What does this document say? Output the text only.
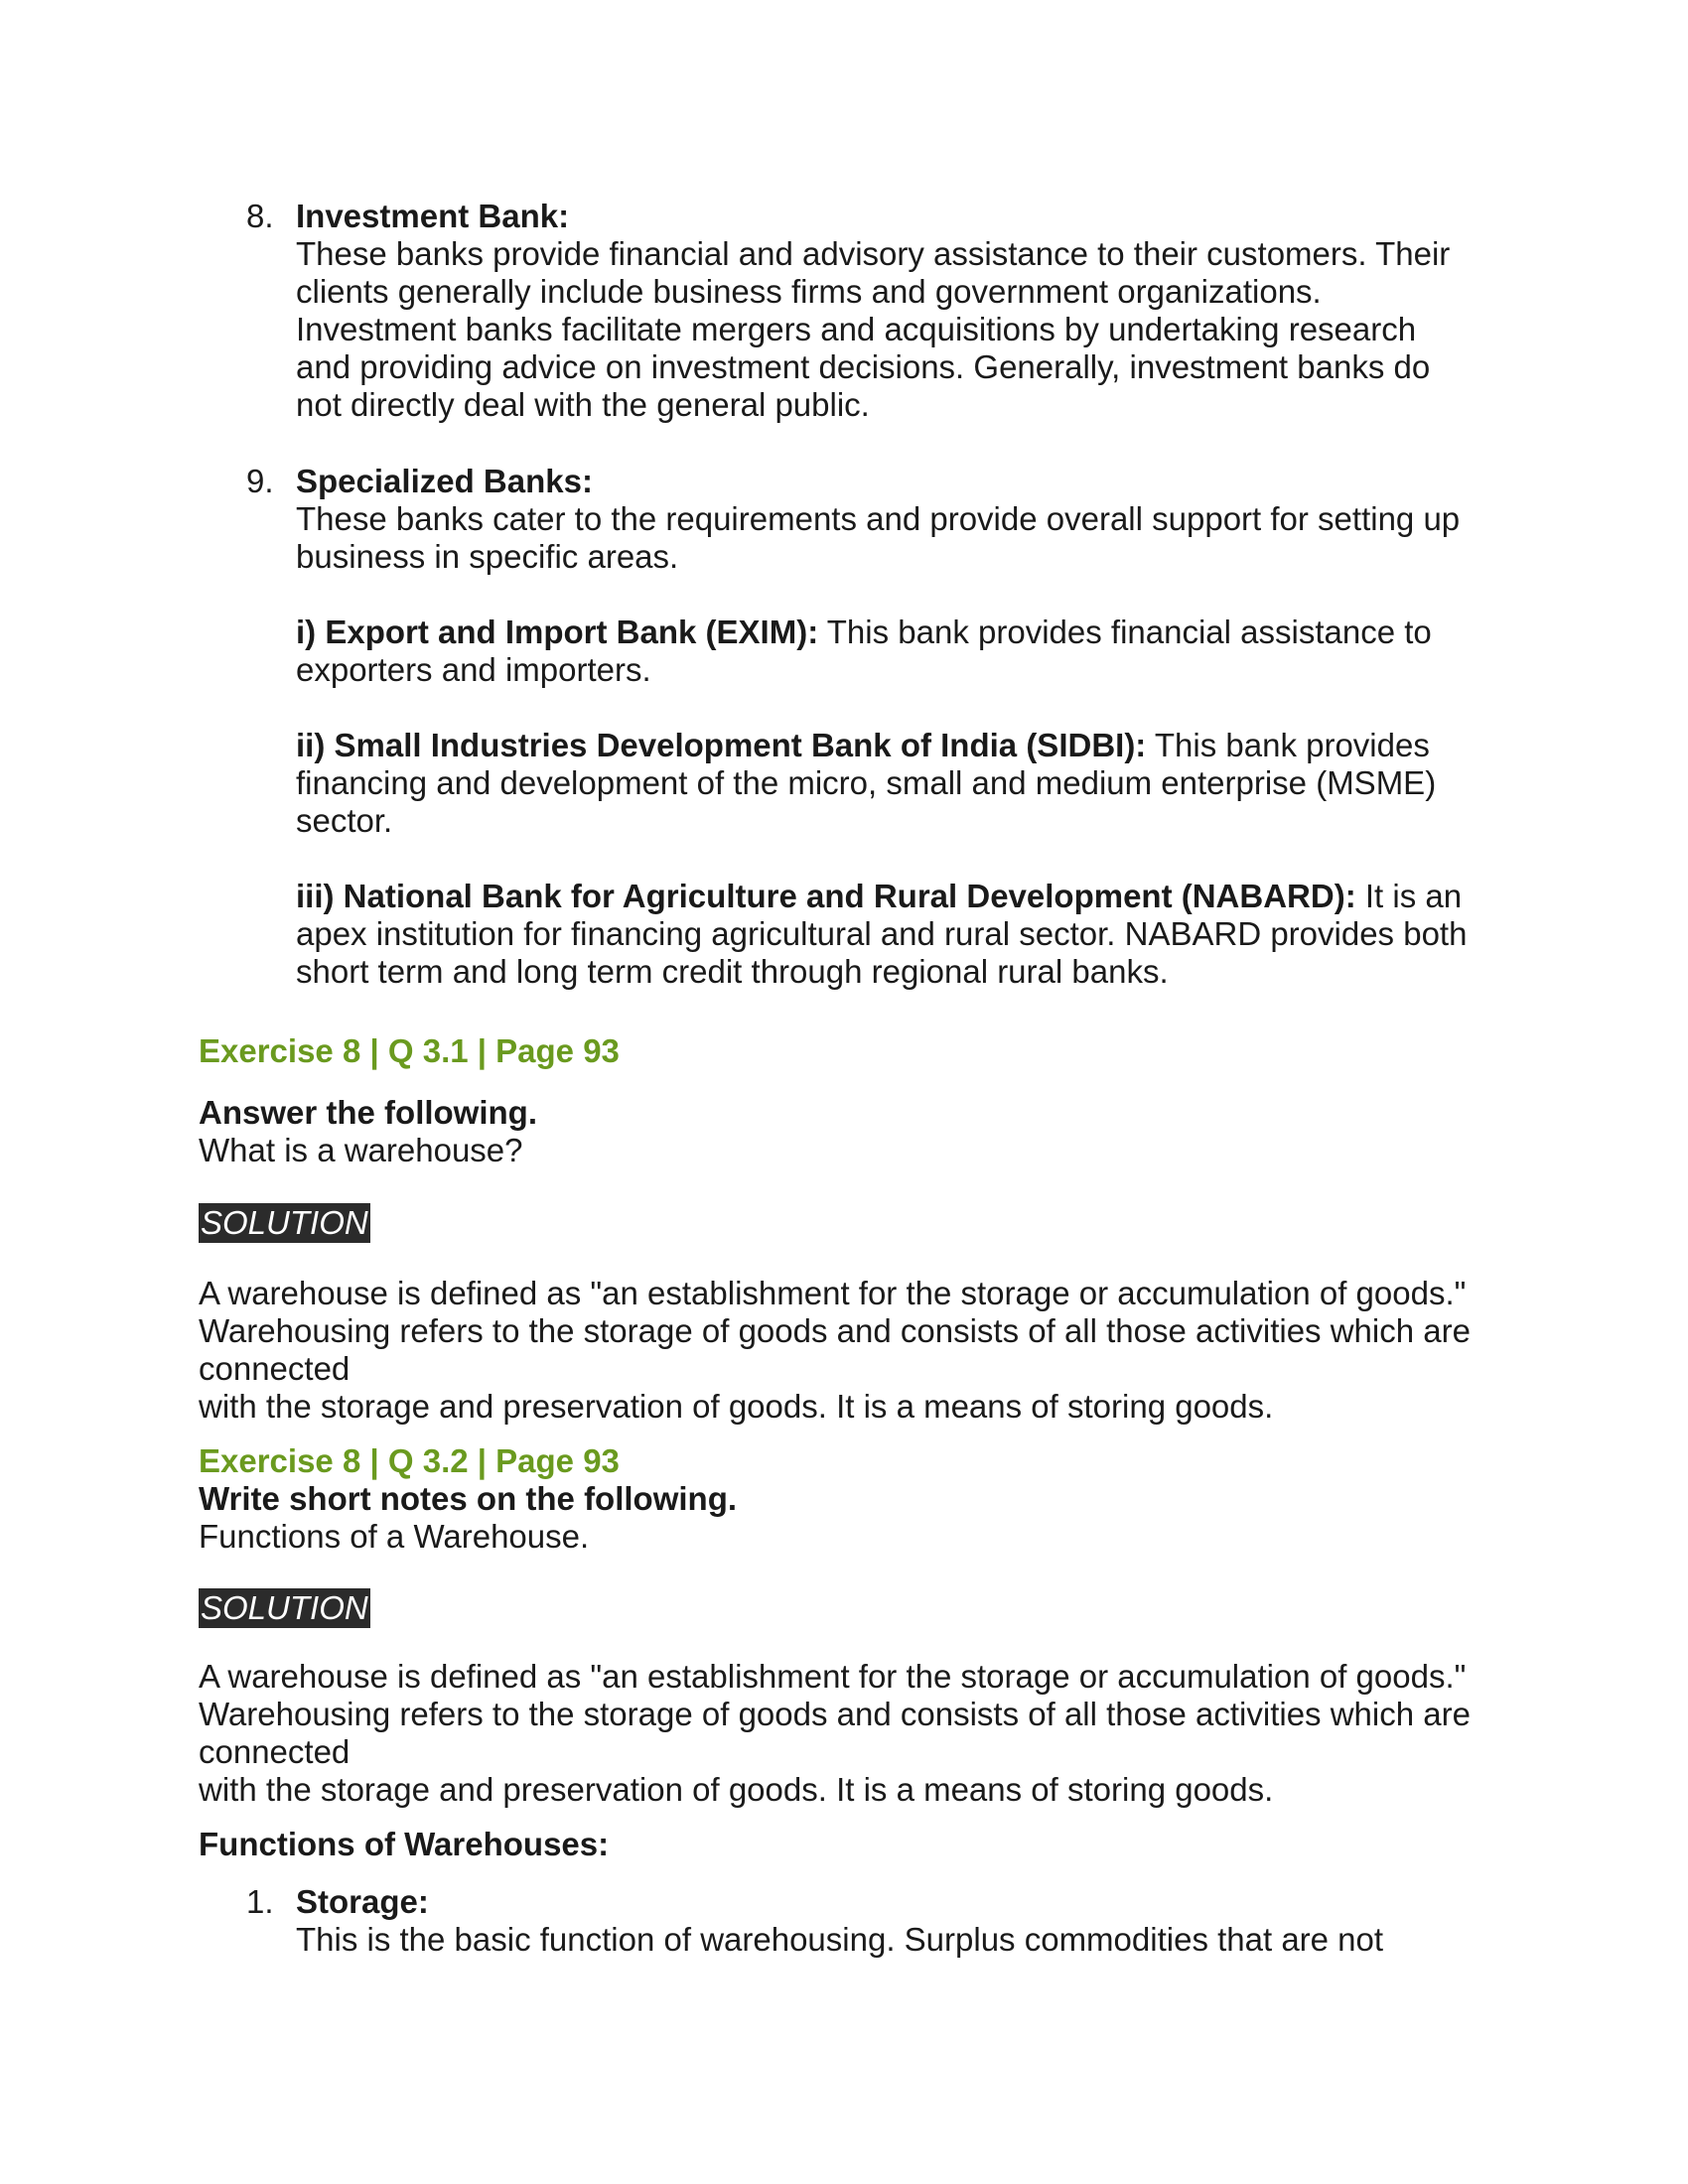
8. Investment Bank:
These banks provide financial and advisory assistance to their customers. Their
clients generally include business firms and government organizations.
Investment banks facilitate mergers and acquisitions by undertaking research
and providing advice on investment decisions. Generally, investment banks do
not directly deal with the general public.
9. Specialized Banks:
These banks cater to the requirements and provide overall support for setting up
business in specific areas.
i) Export and Import Bank (EXIM): This bank provides financial assistance to
exporters and importers.
ii) Small Industries Development Bank of India (SIDBI): This bank provides
financing and development of the micro, small and medium enterprise (MSME)
sector.
iii) National Bank for Agriculture and Rural Development (NABARD): It is an
apex institution for financing agricultural and rural sector. NABARD provides both
short term and long term credit through regional rural banks.
Exercise 8 | Q 3.1 | Page 93
Answer the following.
What is a warehouse?
SOLUTION
A warehouse is defined as "an establishment for the storage or accumulation of goods."
Warehousing refers to the storage of goods and consists of all those activities which are
connected
with the storage and preservation of goods. It is a means of storing goods.
Exercise 8 | Q 3.2 | Page 93
Write short notes on the following.
Functions of a Warehouse.
SOLUTION
A warehouse is defined as "an establishment for the storage or accumulation of goods."
Warehousing refers to the storage of goods and consists of all those activities which are
connected
with the storage and preservation of goods. It is a means of storing goods.
Functions of Warehouses:
1. Storage:
This is the basic function of warehousing. Surplus commodities that are not
